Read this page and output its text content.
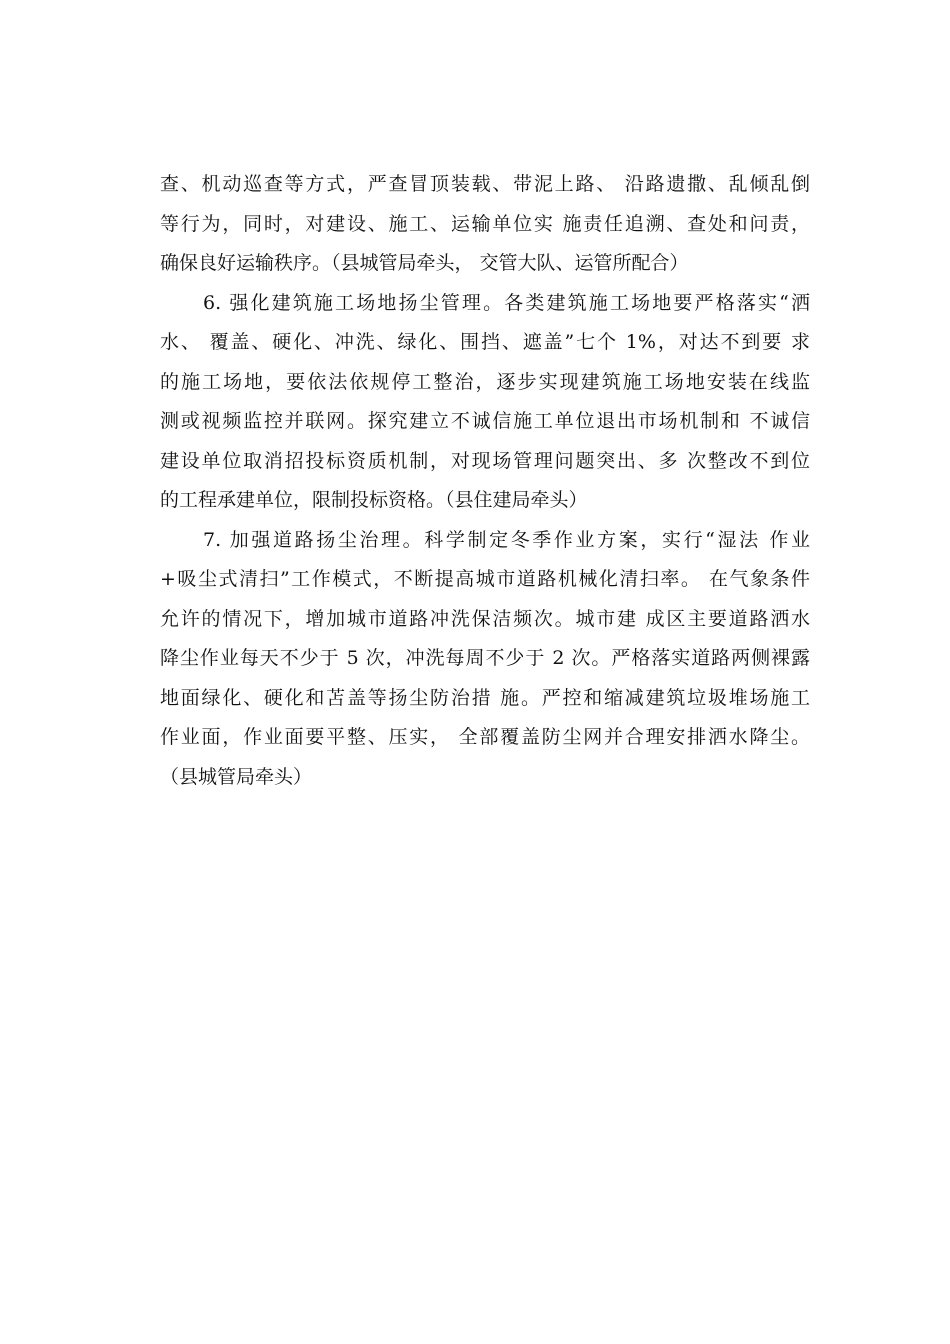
查、机动巡查等方式，严查冒顶装载、带泥上路、 沿路遗撒、乱倾乱倒
等行为，同时，对建设、施工、运输单位实 施责任追溯、查处和问责，
确保良好运输秩序。（县城管局牵头， 交管大队、运管所配合）
6. 强化建筑施工场地扬尘管理。各类建筑施工场地要严格落实“洒
水、 覆盖、硬化、冲洗、绿化、围挡、遮盖”七个 1%，对达不到要 求
的施工场地，要依法依规停工整治，逐步实现建筑施工场地安装在线监
测或视频监控并联网。探究建立不诚信施工单位退出市场机制和 不诚信
建设单位取消招投标资质机制，对现场管理问题突出、多 次整改不到位
的工程承建单位，限制投标资格。（县住建局牵头）
7. 加强道路扬尘治理。科学制定冬季作业方案，实行“湿法 作业
+吸尘式清扫”工作模式，不断提高城市道路机械化清扫率。 在气象条件
允许的情况下，增加城市道路冲洗保洁频次。城市建 成区主要道路洒水
降尘作业每天不少于 5 次，冲洗每周不少于 2 次。严格落实道路两侧裸露
地面绿化、硬化和苫盖等扬尘防治措 施。严控和缩减建筑垃圾堆场施工
作业面，作业面要平整、压实， 全部覆盖防尘网并合理安排洒水降尘。
（县城管局牵头）
